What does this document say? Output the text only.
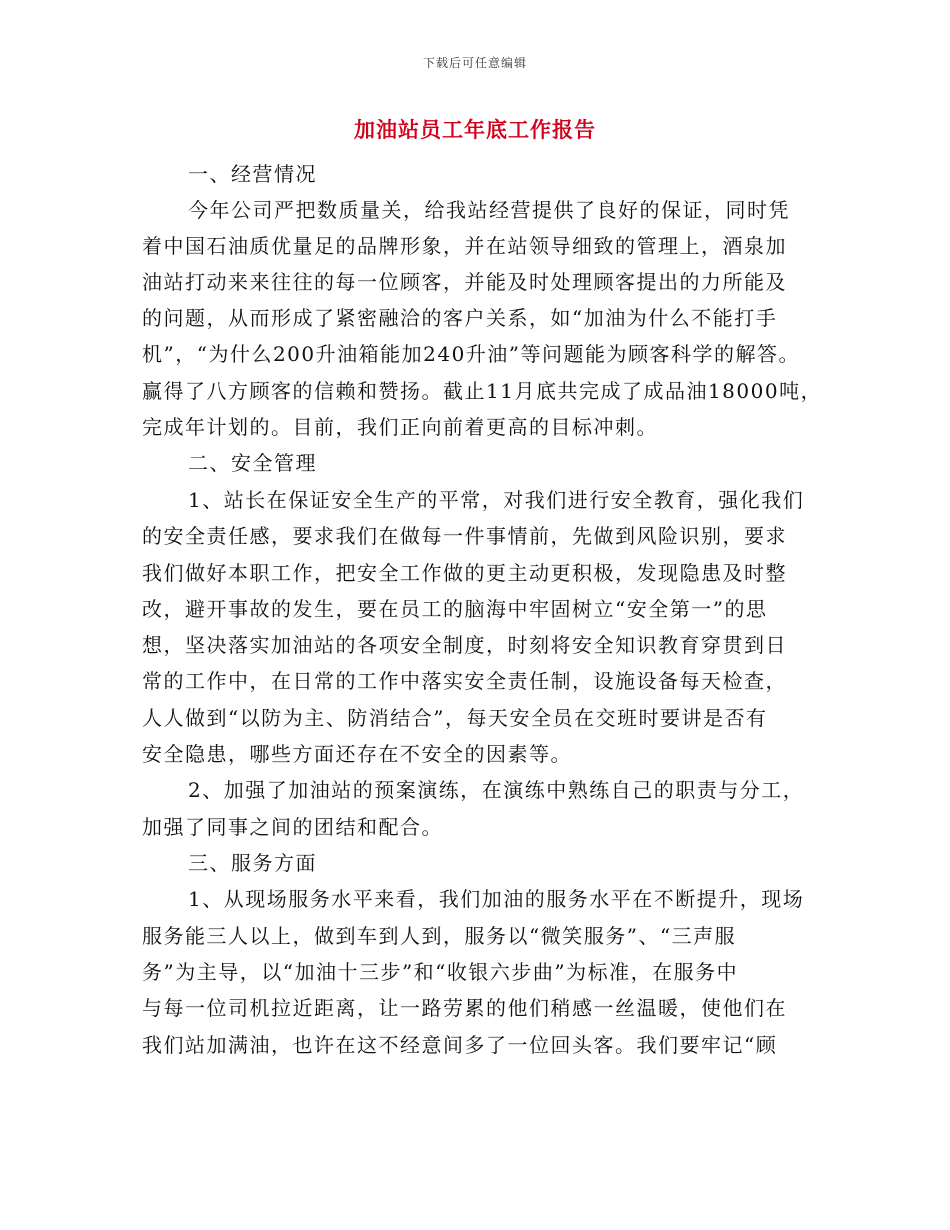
下载后可任意编辑
加油站员工年底工作报告
一、经营情况
今年公司严把数质量关，给我站经营提供了良好的保证，同时凭
着中国石油质优量足的品牌形象，并在站领导细致的管理上，酒泉加
油站打动来来往往的每一位顾客，并能及时处理顾客提出的力所能及
的问题，从而形成了紧密融洽的客户关系，如“加油为什么不能打手
机”，“为什么200升油箱能加240升油”等问题能为顾客科学的解答。
赢得了八方顾客的信赖和赞扬。截止11月底共完成了成品油18000吨，
完成年计划的。目前，我们正向前着更高的目标冲刺。
二、安全管理
1、站长在保证安全生产的平常，对我们进行安全教育，强化我们
的安全责任感，要求我们在做每一件事情前，先做到风险识别，要求
我们做好本职工作，把安全工作做的更主动更积极，发现隐患及时整
改，避开事故的发生，要在员工的脑海中牢固树立“安全第一”的思
想，坚决落实加油站的各项安全制度，时刻将安全知识教育穿贯到日
常的工作中，在日常的工作中落实安全责任制，设施设备每天检查，
人人做到“以防为主、防消结合”，每天安全员在交班时要讲是否有
安全隐患，哪些方面还存在不安全的因素等。
2、加强了加油站的预案演练，在演练中熟练自己的职责与分工，
加强了同事之间的团结和配合。
三、服务方面
1、从现场服务水平来看，我们加油的服务水平在不断提升，现场
服务能三人以上，做到车到人到，服务以“微笑服务”、“三声服
务”为主导，以“加油十三步”和“收银六步曲”为标准，在服务中
与每一位司机拉近距离，让一路劳累的他们稍感一丝温暖，使他们在
我们站加满油，也许在这不经意间多了一位回头客。我们要牢记“顾
